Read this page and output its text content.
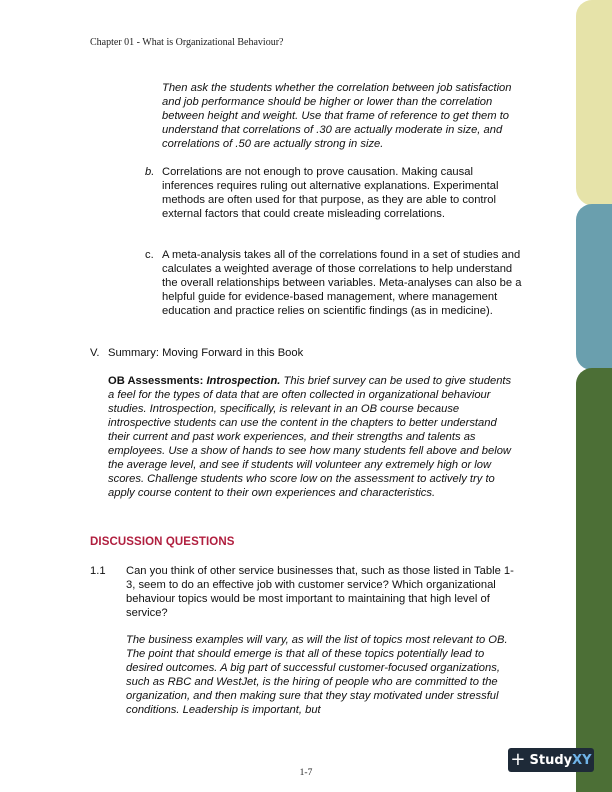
Chapter 01 - What is Organizational Behaviour?

Then ask the students whether the correlation between job satisfaction and job performance should be higher or lower than the correlation between height and weight. Use that frame of reference to get them to understand that correlations of .30 are actually moderate in size, and correlations of .50 are actually strong in size.

b. Correlations are not enough to prove causation. Making causal inferences requires ruling out alternative explanations. Experimental methods are often used for that purpose, as they are able to control external factors that could create misleading correlations.

c. A meta-analysis takes all of the correlations found in a set of studies and calculates a weighted average of those correlations to help understand the overall relationships between variables. Meta-analyses can also be a helpful guide for evidence-based management, where management education and practice relies on scientific findings (as in medicine).

V. Summary: Moving Forward in this Book

OB Assessments: Introspection. This brief survey can be used to give students a feel for the types of data that are often collected in organizational behaviour studies. Introspection, specifically, is relevant in an OB course because introspective students can use the content in the chapters to better understand their current and past work experiences, and their strengths and talents as employees. Use a show of hands to see how many students fell above and below the average level, and see if students will volunteer any extremely high or low scores. Challenge students who score low on the assessment to actively try to apply course content to their own experiences and characteristics.

DISCUSSION QUESTIONS
1.1 Can you think of other service businesses that, such as those listed in Table 1-3, seem to do an effective job with customer service? Which organizational behaviour topics would be most important to maintaining that high level of service?

The business examples will vary, as will the list of topics most relevant to OB. The point that should emerge is that all of these topics potentially lead to desired outcomes. A big part of successful customer-focused organizations, such as RBC and WestJet, is the hiring of people who are committed to the organization, and then making sure that they stay motivated under stressful conditions. Leadership is important, but

1-7
+ StudyXY
